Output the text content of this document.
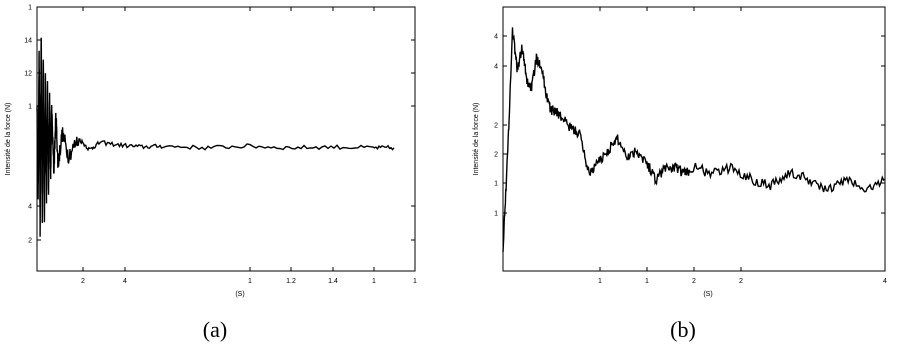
2	4	1	1.2	1.4	1	1
1
14
12
1
4
2
(S)
Intensité de la force (N)
(a)
1	1	2	2	4
4
4
2
2
1
1
(S)
Intensité de la force (N)
(b)
